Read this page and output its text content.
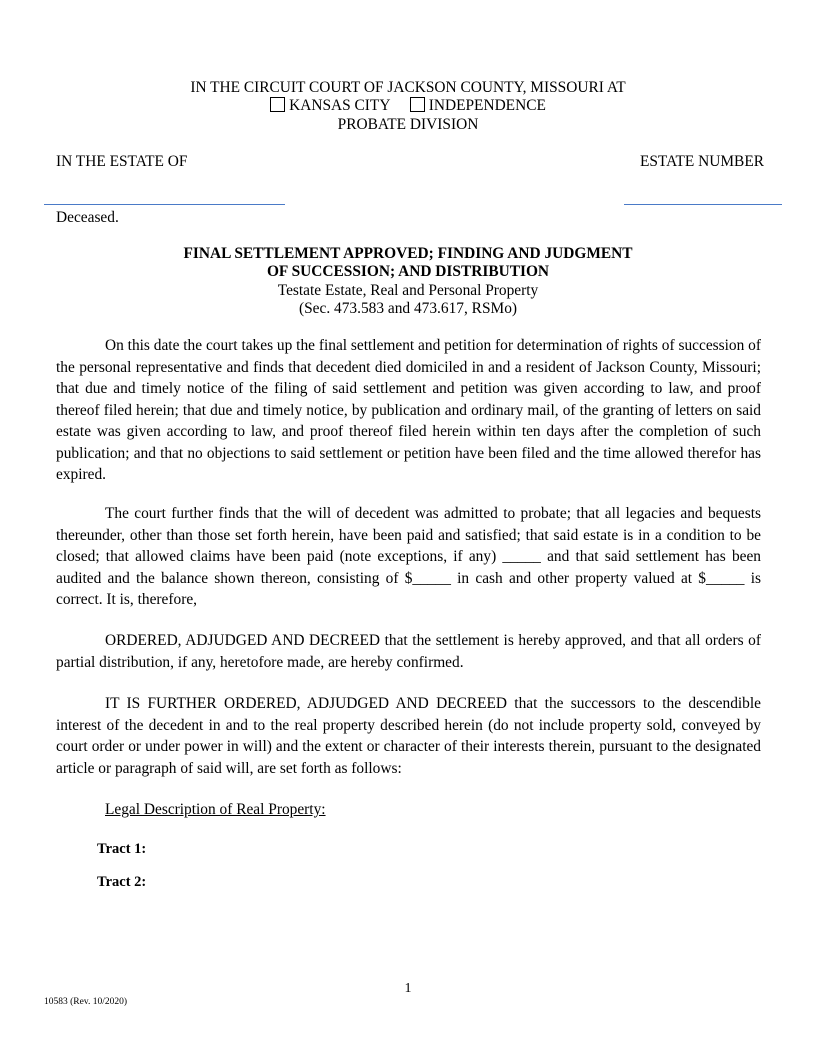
IN THE CIRCUIT COURT OF JACKSON COUNTY, MISSOURI AT
KANSAS CITY	INDEPENDENCE
PROBATE DIVISION
IN THE ESTATE OF	ESTATE NUMBER
Deceased.
FINAL SETTLEMENT APPROVED; FINDING AND JUDGMENT
OF SUCCESSION; AND DISTRIBUTION
Testate Estate, Real and Personal Property
(Sec. 473.583 and 473.617, RSMo)
On this date the court takes up the final settlement and petition for determination of rights of succession of the personal representative and finds that decedent died domiciled in and a resident of Jackson County, Missouri; that due and timely notice of the filing of said settlement and petition was given according to law, and proof thereof filed herein; that due and timely notice, by publication and ordinary mail, of the granting of letters on said estate was given according to law, and proof thereof filed herein within ten days after the completion of such publication; and that no objections to said settlement or petition have been filed and the time allowed therefor has expired.
The court further finds that the will of decedent was admitted to probate; that all legacies and bequests thereunder, other than those set forth herein, have been paid and satisfied; that said estate is in a condition to be closed; that allowed claims have been paid (note exceptions, if any) _____ and that said settlement has been audited and the balance shown thereon, consisting of $_____ in cash and other property valued at $_____ is correct. It is, therefore,
ORDERED, ADJUDGED AND DECREED that the settlement is hereby approved, and that all orders of partial distribution, if any, heretofore made, are hereby confirmed.
IT IS FURTHER ORDERED, ADJUDGED AND DECREED that the successors to the descendible interest of the decedent in and to the real property described herein (do not include property sold, conveyed by court order or under power in will) and the extent or character of their interests therein, pursuant to the designated article or paragraph of said will, are set forth as follows:
Legal Description of Real Property:
Tract 1:
Tract 2:
1
10583 (Rev. 10/2020)
